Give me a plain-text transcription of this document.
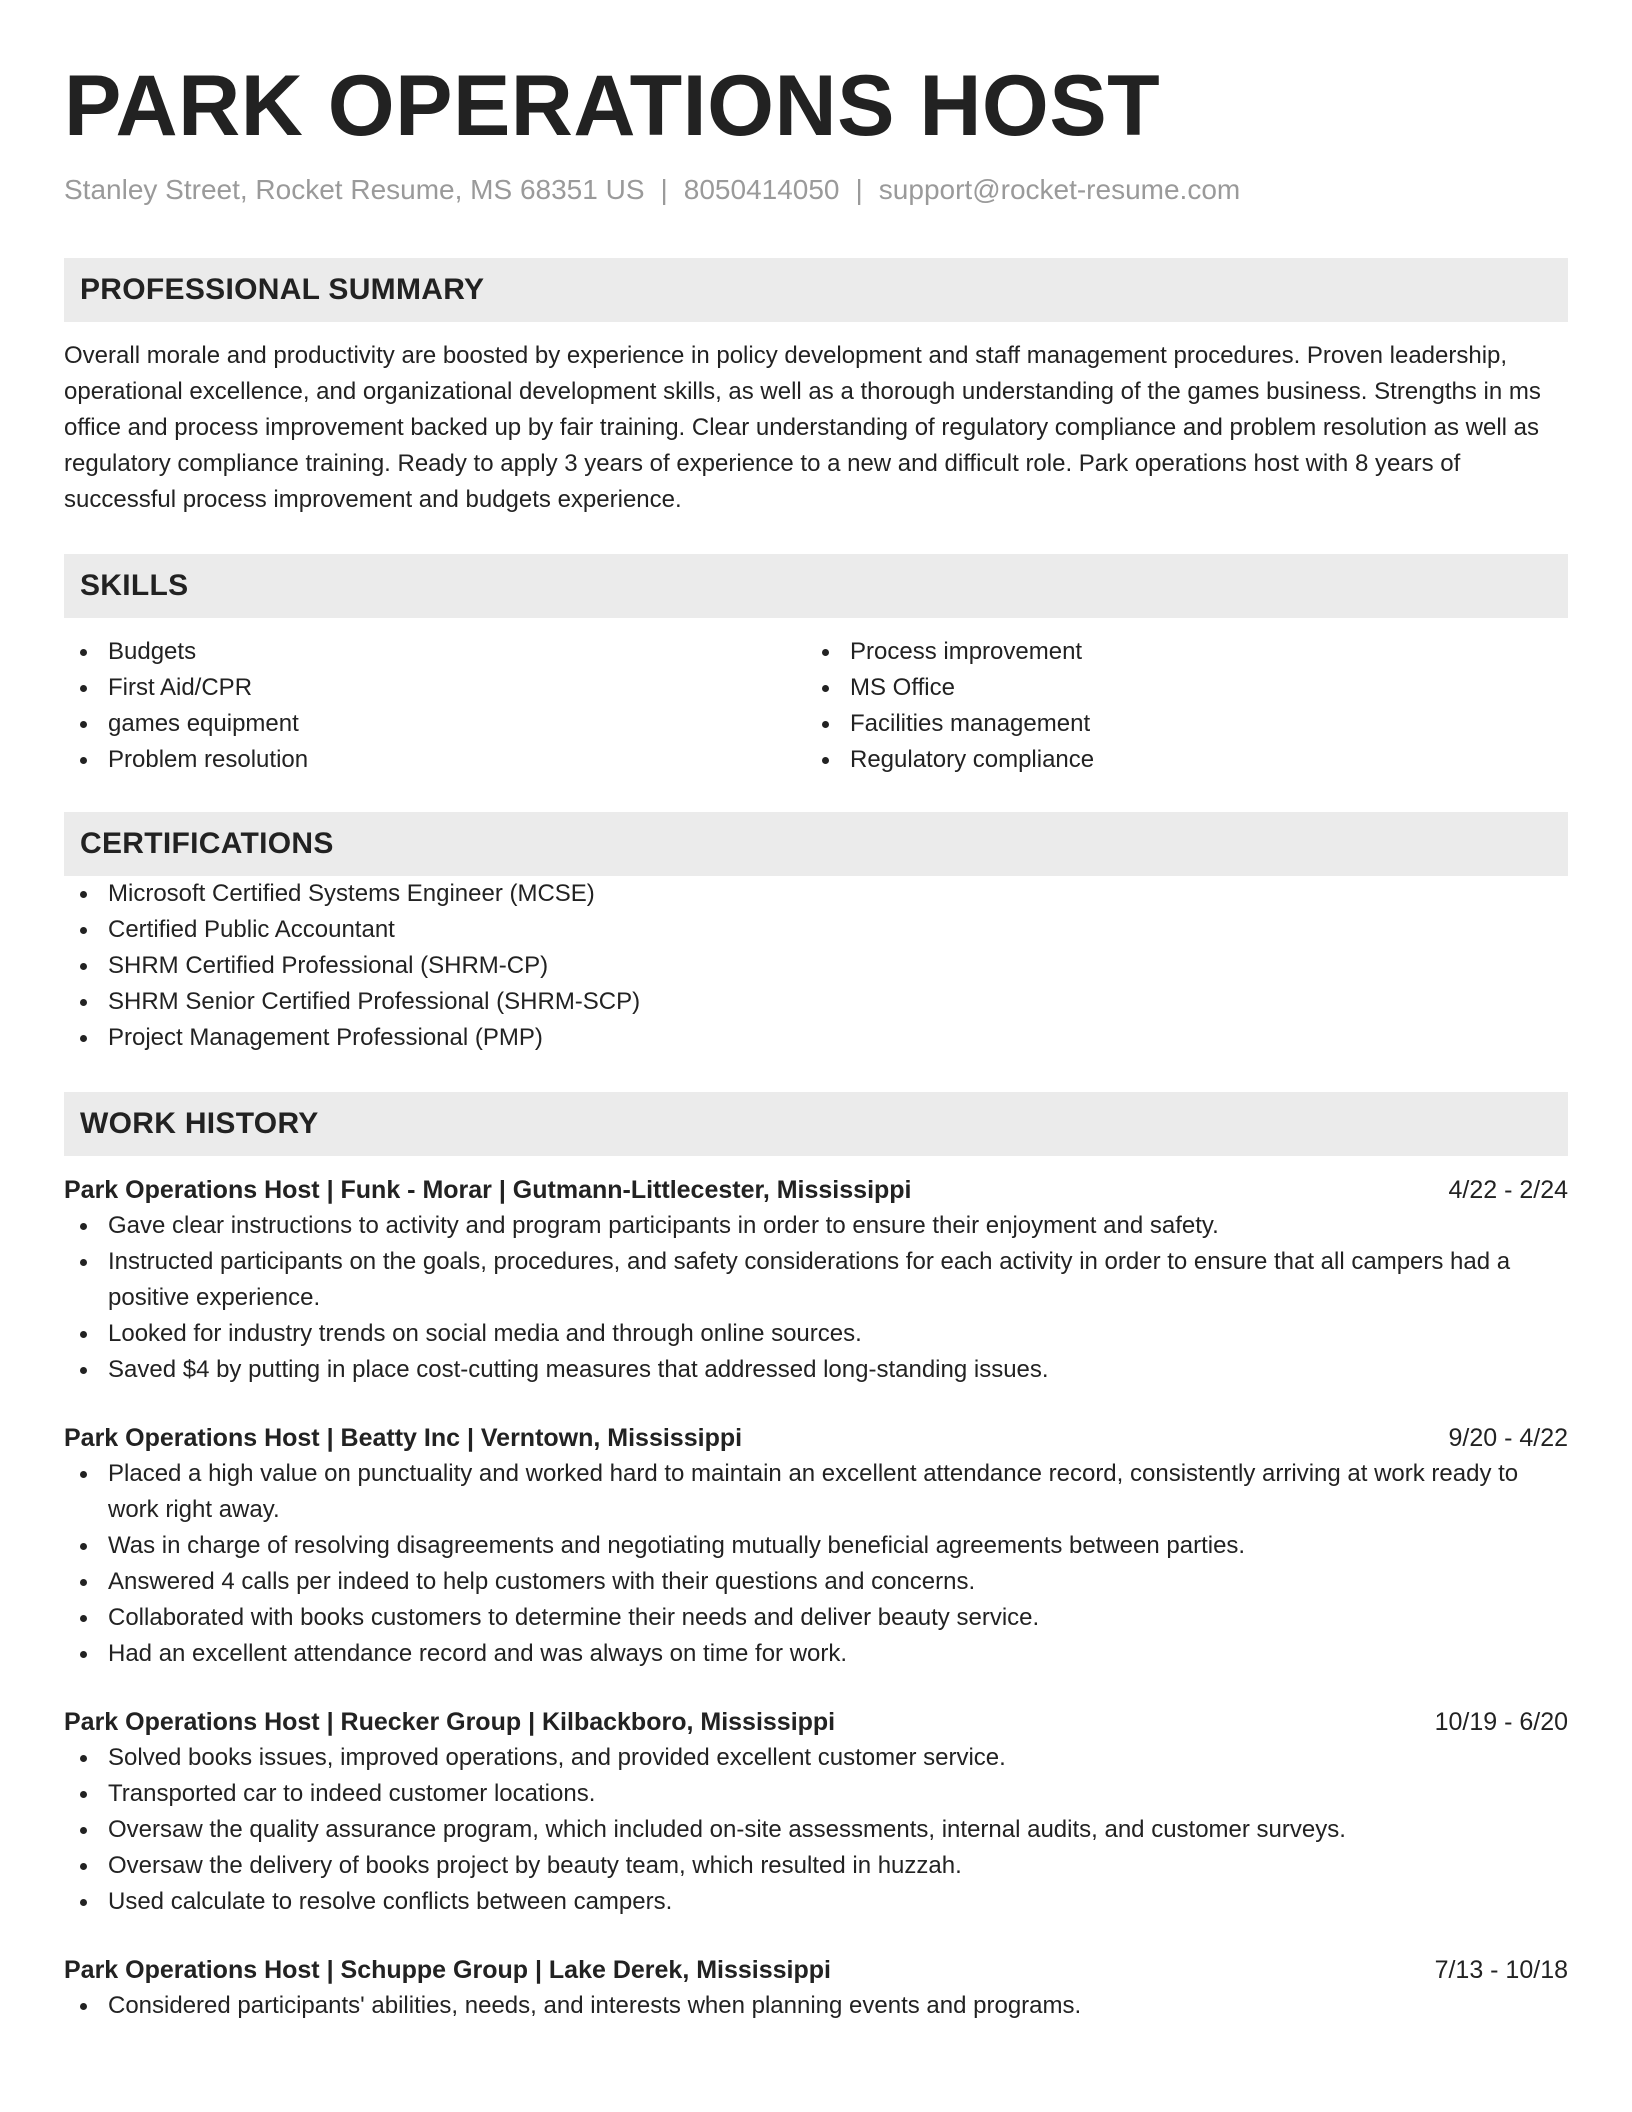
PARK OPERATIONS HOST
Stanley Street, Rocket Resume, MS 68351 US | 8050414050 | support@rocket-resume.com
PROFESSIONAL SUMMARY

Overall morale and productivity are boosted by experience in policy development and staff management procedures. Proven leadership, operational excellence, and organizational development skills, as well as a thorough understanding of the games business. Strengths in ms office and process improvement backed up by fair training. Clear understanding of regulatory compliance and problem resolution as well as regulatory compliance training. Ready to apply 3 years of experience to a new and difficult role. Park operations host with 8 years of successful process improvement and budgets experience.

SKILLS
Budgets
First Aid/CPR
games equipment
Problem resolution
Process improvement
MS Office
Facilities management
Regulatory compliance
CERTIFICATIONS
Microsoft Certified Systems Engineer (MCSE)
Certified Public Accountant
SHRM Certified Professional (SHRM-CP)
SHRM Senior Certified Professional (SHRM-SCP)
Project Management Professional (PMP)
WORK HISTORY
Park Operations Host | Funk - Morar | Gutmann-Littlecester, Mississippi	4/22 - 2/24
Gave clear instructions to activity and program participants in order to ensure their enjoyment and safety.
Instructed participants on the goals, procedures, and safety considerations for each activity in order to ensure that all campers had a positive experience.
Looked for industry trends on social media and through online sources.
Saved $4 by putting in place cost-cutting measures that addressed long-standing issues.
Park Operations Host | Beatty Inc | Verntown, Mississippi	9/20 - 4/22
Placed a high value on punctuality and worked hard to maintain an excellent attendance record, consistently arriving at work ready to work right away.
Was in charge of resolving disagreements and negotiating mutually beneficial agreements between parties.
Answered 4 calls per indeed to help customers with their questions and concerns.
Collaborated with books customers to determine their needs and deliver beauty service.
Had an excellent attendance record and was always on time for work.
Park Operations Host | Ruecker Group | Kilbackboro, Mississippi	10/19 - 6/20
Solved books issues, improved operations, and provided excellent customer service.
Transported car to indeed customer locations.
Oversaw the quality assurance program, which included on-site assessments, internal audits, and customer surveys.
Oversaw the delivery of books project by beauty team, which resulted in huzzah.
Used calculate to resolve conflicts between campers.
Park Operations Host | Schuppe Group | Lake Derek, Mississippi	7/13 - 10/18
Considered participants' abilities, needs, and interests when planning events and programs.
